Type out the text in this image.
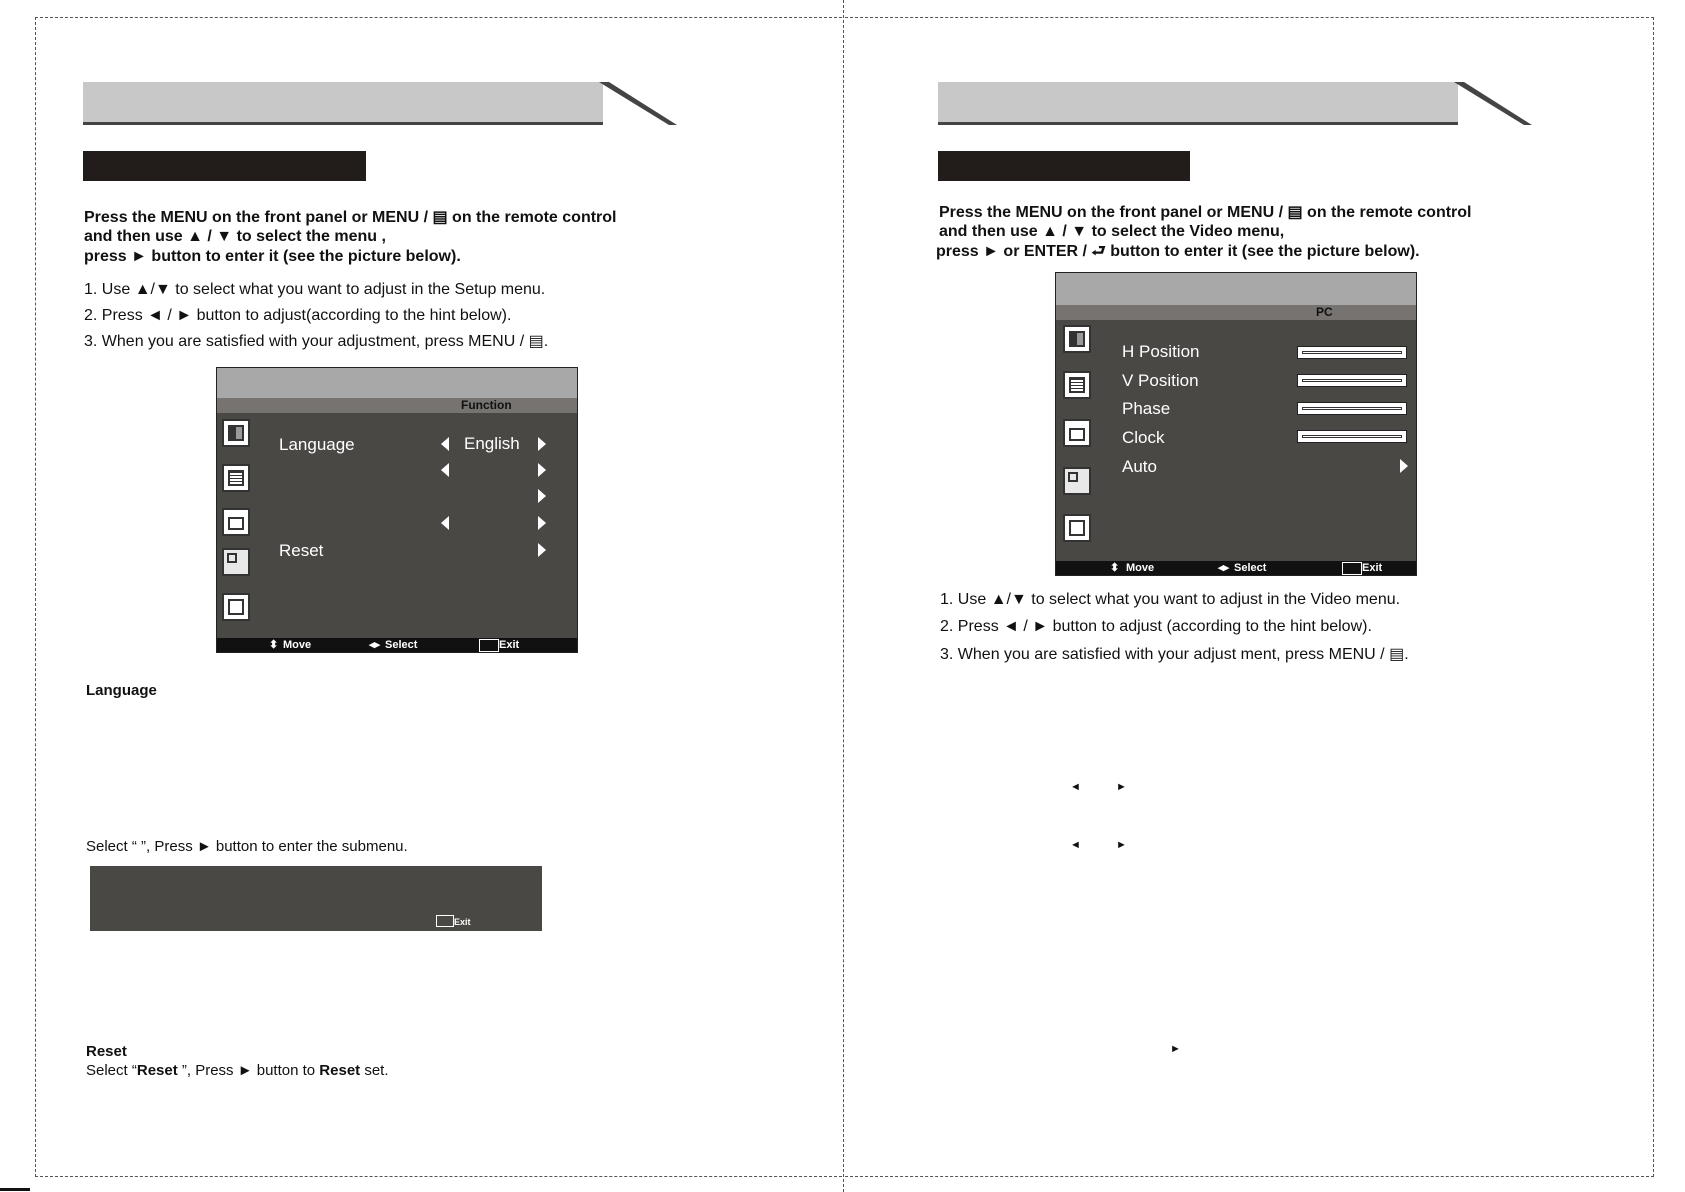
Press the MENU on the front panel or MENU / ▤ on the remote control
and then use ▲ / ▼ to select the menu ,
press ► button to enter it (see the picture below).
1. Use ▲/▼ to select what you want to adjust in the Setup menu.
2. Press ◄ / ► button to adjust(according to the hint below).
3. When you are satisfied with your adjustment, press MENU / ▤.
Function
Language	English
Reset
⬍ Move	◂▸ Select	Exit
Language
Select “ ”, Press ► button to enter the submenu.
Exit
Reset
Select “Reset ”, Press ► button to Reset set.
Press the MENU on the front panel or MENU / ▤ on the remote control
and then use ▲ / ▼ to select the Video menu,
press ► or ENTER / ⮐ button to enter it (see the picture below).
PC
H Position
V Position
Phase
Clock
Auto
⬍ Move	◂▸ Select	Exit
1. Use ▲/▼ to select what you want to adjust in the Video menu.
2. Press ◄ / ► button to adjust (according to the hint below).
3. When you are satisfied with your adjust ment, press MENU / ▤.
◄	►
◄	►
►
